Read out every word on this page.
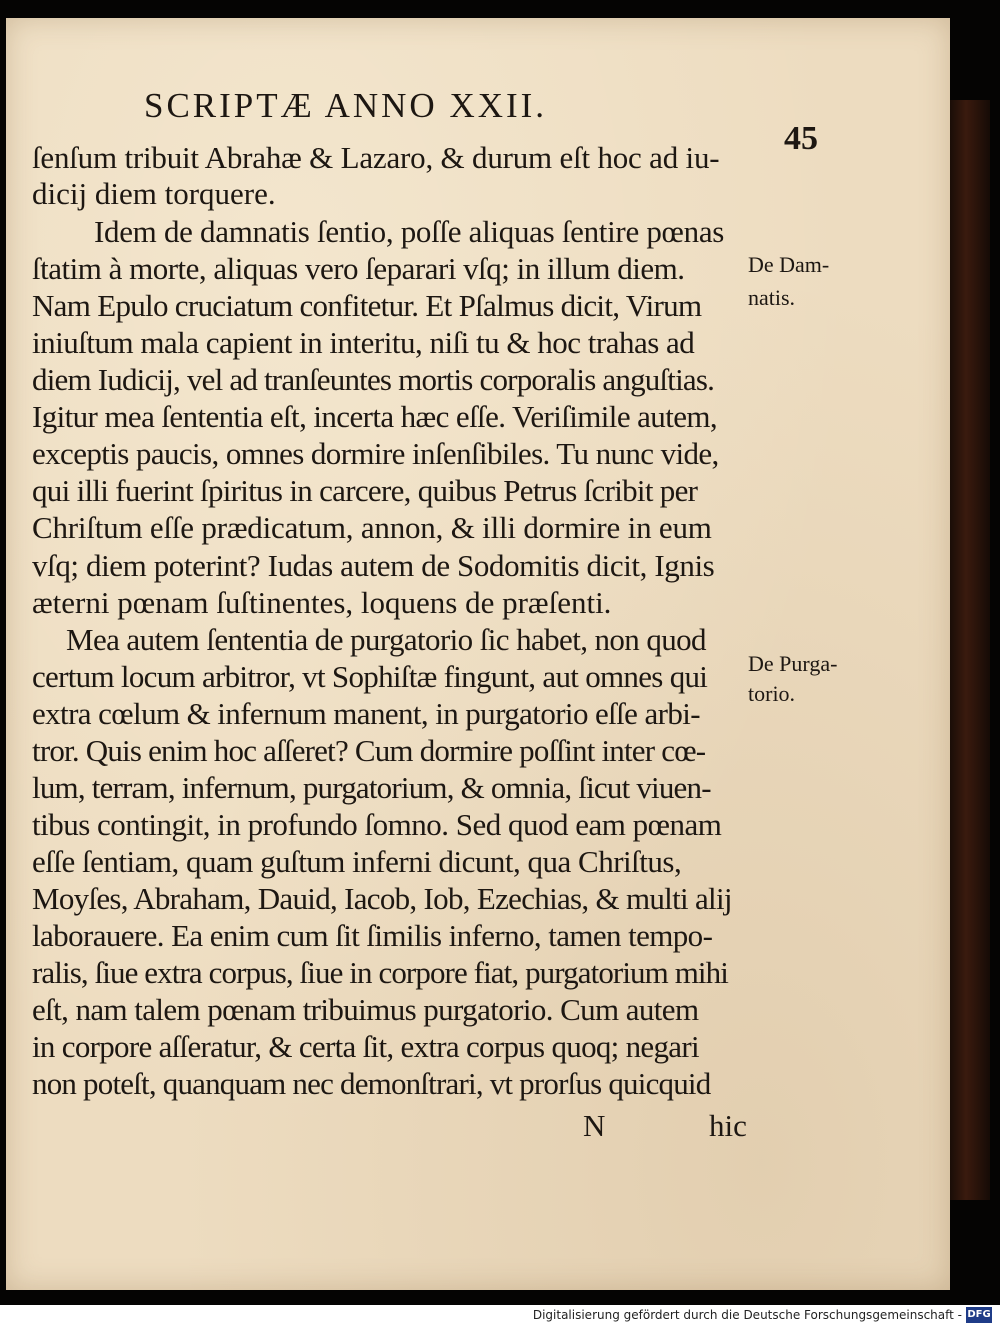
SCRIPTÆ ANNO XXII.
45
ſenſum tribuit Abrahæ & Lazaro, & durum eſt hoc ad iu-
dicij diem torquere.
Idem de damnatis ſentio, poſſe aliquas ſentire pœnas
ſtatim à morte, aliquas vero ſeparari vſq; in illum diem.
Nam Epulo cruciatum confitetur. Et Pſalmus dicit, Virum
iniuſtum mala capient in interitu, niſi tu & hoc trahas ad
diem Iudicij, vel ad tranſeuntes mortis corporalis anguſtias.
Igitur mea ſententia eſt, incerta hæc eſſe. Veriſimile autem,
exceptis paucis, omnes dormire inſenſibiles. Tu nunc vide,
qui illi fuerint ſpiritus in carcere, quibus Petrus ſcribit per
Chriſtum eſſe prædicatum, annon, & illi dormire in eum
vſq; diem poterint? Iudas autem de Sodomitis dicit, Ignis
æterni pœnam ſuſtinentes, loquens de præſenti.
Mea autem ſententia de purgatorio ſic habet, non quod
certum locum arbitror, vt Sophiſtæ fingunt, aut omnes qui
extra cœlum & infernum manent, in purgatorio eſſe arbi-
tror. Quis enim hoc aſſeret? Cum dormire poſſint inter cœ-
lum, terram, infernum, purgatorium, & omnia, ſicut viuen-
tibus contingit, in profundo ſomno. Sed quod eam pœnam
eſſe ſentiam, quam guſtum inferni dicunt, qua Chriſtus,
Moyſes, Abraham, Dauid, Iacob, Iob, Ezechias, & multi alij
laborauere. Ea enim cum ſit ſimilis inferno, tamen tempo-
ralis, ſiue extra corpus, ſiue in corpore fiat, purgatorium mihi
eſt, nam talem pœnam tribuimus purgatorio. Cum autem
in corpore aſſeratur, & certa ſit, extra corpus quoq; negari
non poteſt, quanquam nec demonſtrari, vt prorſus quicquid
De Dam-
natis.
De Purga-
torio.
N	hic
Digitalisierung gefördert durch die Deutsche Forschungsgemeinschaft - DFG
